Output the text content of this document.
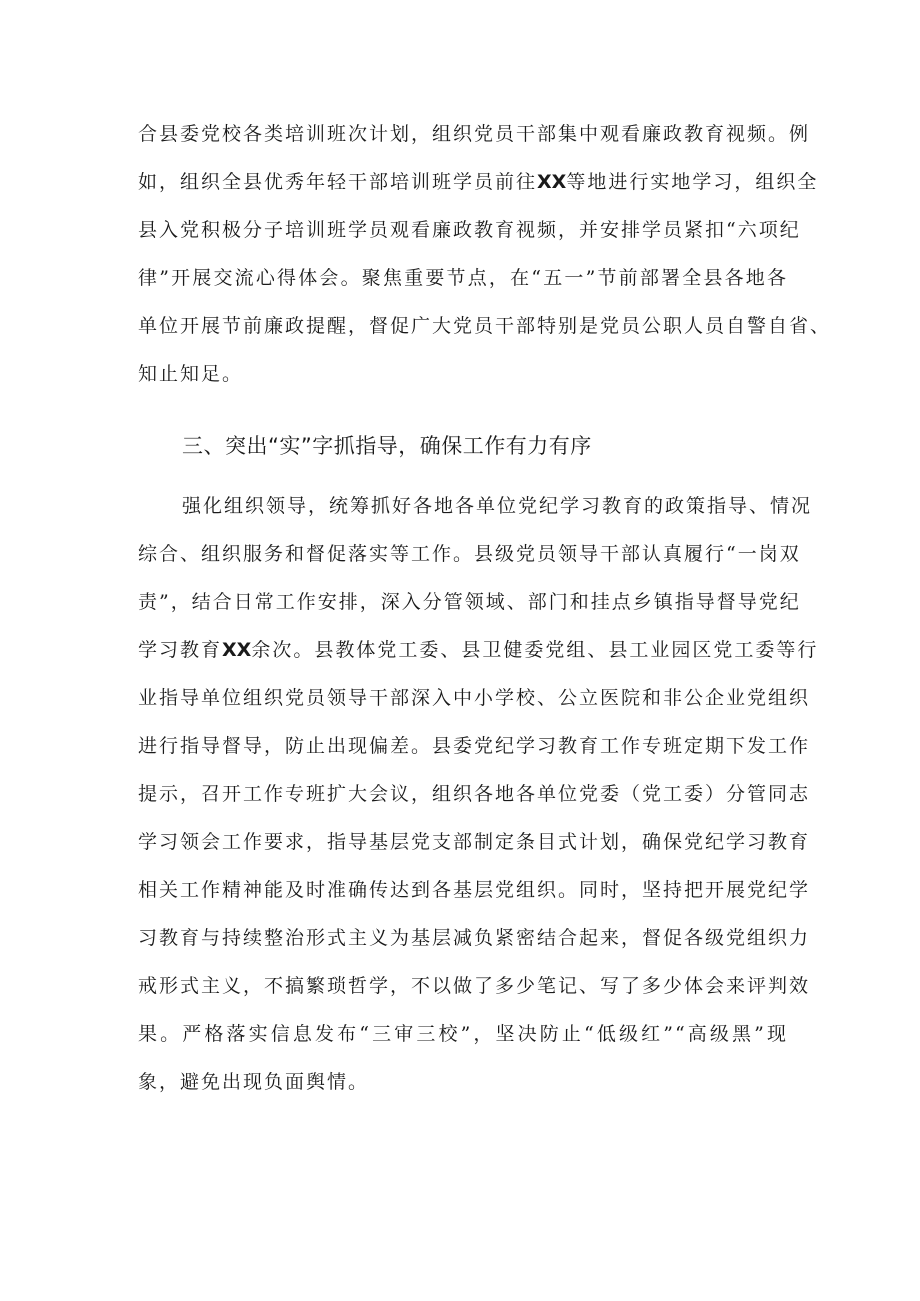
合县委党校各类培训班次计划，组织党员干部集中观看廉政教育视频。例
如，组织全县优秀年轻干部培训班学员前往XX等地进行实地学习，组织全
县入党积极分子培训班学员观看廉政教育视频，并安排学员紧扣“六项纪
律”开展交流心得体会。聚焦重要节点，在“五一”节前部署全县各地各
单位开展节前廉政提醒，督促广大党员干部特别是党员公职人员自警自省、
知止知足。
三、突出“实”字抓指导，确保工作有力有序
强化组织领导，统筹抓好各地各单位党纪学习教育的政策指导、情况
综合、组织服务和督促落实等工作。县级党员领导干部认真履行“一岗双
责”，结合日常工作安排，深入分管领域、部门和挂点乡镇指导督导党纪
学习教育XX余次。县教体党工委、县卫健委党组、县工业园区党工委等行
业指导单位组织党员领导干部深入中小学校、公立医院和非公企业党组织
进行指导督导，防止出现偏差。县委党纪学习教育工作专班定期下发工作
提示，召开工作专班扩大会议，组织各地各单位党委（党工委）分管同志
学习领会工作要求，指导基层党支部制定条目式计划，确保党纪学习教育
相关工作精神能及时准确传达到各基层党组织。同时，坚持把开展党纪学
习教育与持续整治形式主义为基层减负紧密结合起来，督促各级党组织力
戒形式主义，不搞繁琐哲学，不以做了多少笔记、写了多少体会来评判效
果。严格落实信息发布“三审三校”，坚决防止“低级红”“高级黑”现
象，避免出现负面舆情。
